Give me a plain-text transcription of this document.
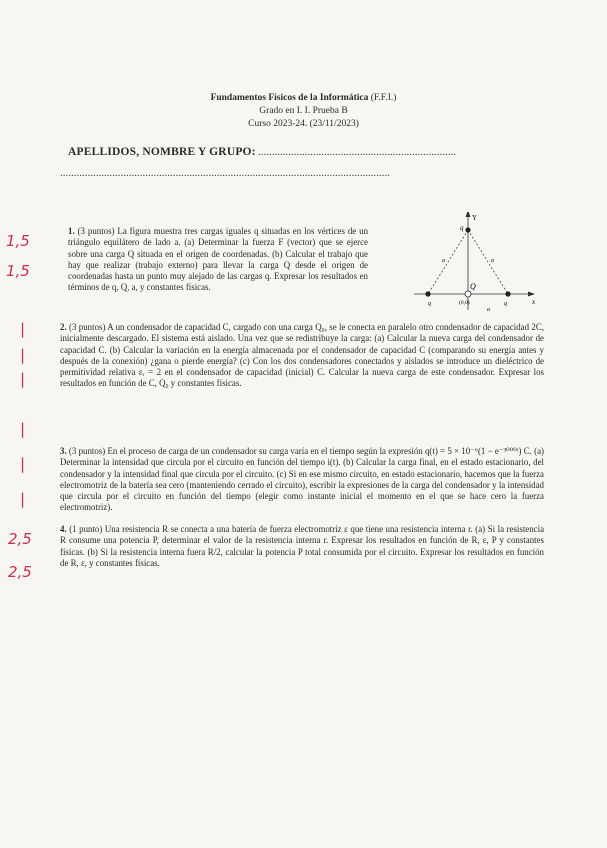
Fundamentos Físicos de la Informática (F.F.I.)
Grado en I. I. Prueba B
Curso 2023-24. (23/11/2023)
APELLIDOS, NOMBRE Y GRUPO: ........................................................................
........................................................................................................................
1,5
1,5
|
|
|
|
|
|
2,5
2,5
1. (3 puntos) La figura muestra tres cargas iguales q situadas en los vértices de un triángulo equilátero de lado a. (a) Determinar la fuerza F (vector) que se ejerce sobre una carga Q situada en el origen de coordenadas. (b) Calcular el trabajo que hay que realizar (trabajo externo) para llevar la carga Q desde el origen de coordenadas hasta un punto muy alejado de las cargas q. Expresar los resultados en términos de q, Q, a, y constantes físicas.
Y
x
q
q	q
a	a
a
Q
(0,0)
2. (3 puntos) A un condensador de capacidad C, cargado con una carga Q₀, se le conecta en paralelo otro condensador de capacidad 2C, inicialmente descargado. El sistema está aislado. Una vez que se redistribuye la carga: (a) Calcular la nueva carga del condensador de capacidad C. (b) Calcular la variación en la energía almacenada por el condensador de capacidad C (comparando su energía antes y después de la conexión) ¿gana o pierde energía? (c) Con los dos condensadores conectados y aislados se introduce un dieléctrico de permitividad relativa εᵣ = 2 en el condensador de capacidad (inicial) C. Calcular la nueva carga de este condensador. Expresar los resultados en función de C, Q₀ y constantes físicas.
3. (3 puntos) En el proceso de carga de un condensador su carga varía en el tiempo según la expresión q(t) = 5 × 10⁻⁶(1 − e⁻³⁰⁰⁰ᵗ) C. (a) Determinar la intensidad que circula por el circuito en función del tiempo i(t). (b) Calcular la carga final, en el estado estacionario, del condensador y la intensidad final que circula por el circuito. (c) Si en ese mismo circuito, en estado estacionario, hacemos que la fuerza electromotriz de la batería sea cero (manteniendo cerrado el circuito), escribir la expresiones de la carga del condensador y la intensidad que circula por el circuito en función del tiempo (elegir como instante inicial el momento en el que se hace cero la fuerza electromotriz).
4. (1 punto) Una resistencia R se conecta a una batería de fuerza electromotriz ε que tiene una resistencia interna r. (a) Si la resistencia R consume una potencia P, determinar el valor de la resistencia interna r. Expresar los resultados en función de R, ε, P y constantes físicas. (b) Si la resistencia interna fuera R/2, calcular la potencia P total consumida por el circuito. Expresar los resultados en función de R, ε, y constantes físicas.
